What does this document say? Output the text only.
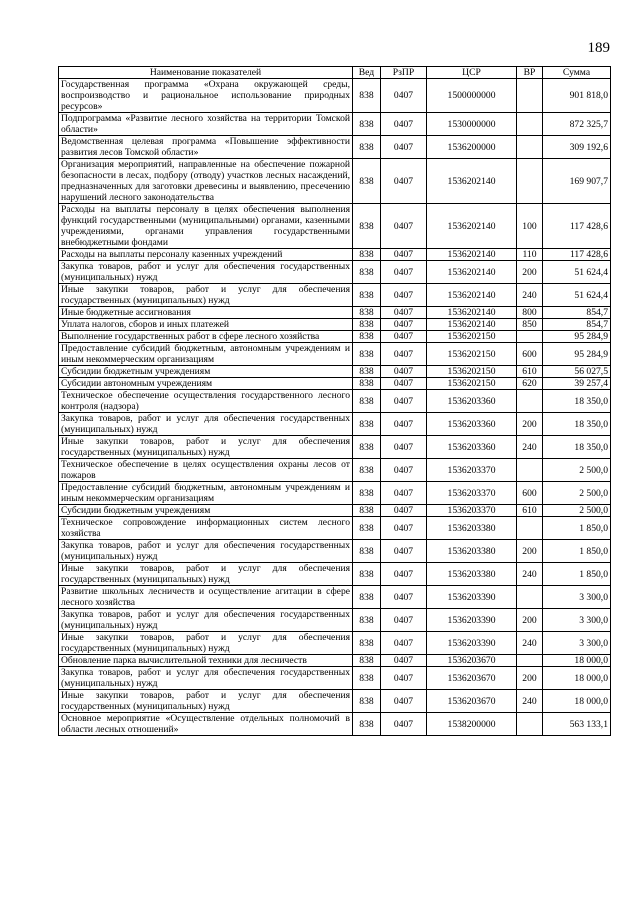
189
Наименование показателей	Вед	РзПР	ЦСР	ВР	Сумма
Государственная программа «Охрана окружающей среды, воспроизводство и рациональное использование природных ресурсов»	838	0407	1500000000		901 818,0
Подпрограмма «Развитие лесного хозяйства на территории Томской области»	838	0407	1530000000		872 325,7
Ведомственная целевая программа «Повышение эффективности развития лесов Томской области»	838	0407	1536200000		309 192,6
Организация мероприятий, направленные на обеспечение пожарной безопасности в лесах, подбору (отводу) участков лесных насаждений, предназначенных для заготовки древесины и выявлению, пресечению нарушений лесного законодательства	838	0407	1536202140		169 907,7
Расходы на выплаты персоналу в целях обеспечения выполнения функций государственными (муниципальными) органами, казенными учреждениями, органами управления государственными внебюджетными фондами	838	0407	1536202140	100	117 428,6
Расходы на выплаты персоналу казенных учреждений	838	0407	1536202140	110	117 428,6
Закупка товаров, работ и услуг для обеспечения государственных (муниципальных) нужд	838	0407	1536202140	200	51 624,4
Иные закупки товаров, работ и услуг для обеспечения государственных (муниципальных) нужд	838	0407	1536202140	240	51 624,4
Иные бюджетные ассигнования	838	0407	1536202140	800	854,7
Уплата налогов, сборов и иных платежей	838	0407	1536202140	850	854,7
Выполнение государственных работ в сфере лесного хозяйства	838	0407	1536202150		95 284,9
Предоставление субсидий бюджетным, автономным учреждениям и иным некоммерческим организациям	838	0407	1536202150	600	95 284,9
Субсидии бюджетным учреждениям	838	0407	1536202150	610	56 027,5
Субсидии автономным учреждениям	838	0407	1536202150	620	39 257,4
Техническое обеспечение осуществления государственного лесного контроля (надзора)	838	0407	1536203360		18 350,0
Закупка товаров, работ и услуг для обеспечения государственных (муниципальных) нужд	838	0407	1536203360	200	18 350,0
Иные закупки товаров, работ и услуг для обеспечения государственных (муниципальных) нужд	838	0407	1536203360	240	18 350,0
Техническое обеспечение в целях осуществления охраны лесов от пожаров	838	0407	1536203370		2 500,0
Предоставление субсидий бюджетным, автономным учреждениям и иным некоммерческим организациям	838	0407	1536203370	600	2 500,0
Субсидии бюджетным учреждениям	838	0407	1536203370	610	2 500,0
Техническое сопровождение информационных систем лесного хозяйства	838	0407	1536203380		1 850,0
Закупка товаров, работ и услуг для обеспечения государственных (муниципальных) нужд	838	0407	1536203380	200	1 850,0
Иные закупки товаров, работ и услуг для обеспечения государственных (муниципальных) нужд	838	0407	1536203380	240	1 850,0
Развитие школьных лесничеств и осуществление агитации в сфере лесного хозяйства	838	0407	1536203390		3 300,0
Закупка товаров, работ и услуг для обеспечения государственных (муниципальных) нужд	838	0407	1536203390	200	3 300,0
Иные закупки товаров, работ и услуг для обеспечения государственных (муниципальных) нужд	838	0407	1536203390	240	3 300,0
Обновление парка вычислительной техники для лесничеств	838	0407	1536203670		18 000,0
Закупка товаров, работ и услуг для обеспечения государственных (муниципальных) нужд	838	0407	1536203670	200	18 000,0
Иные закупки товаров, работ и услуг для обеспечения государственных (муниципальных) нужд	838	0407	1536203670	240	18 000,0
Основное мероприятие «Осуществление отдельных полномочий в области лесных отношений»	838	0407	1538200000		563 133,1
